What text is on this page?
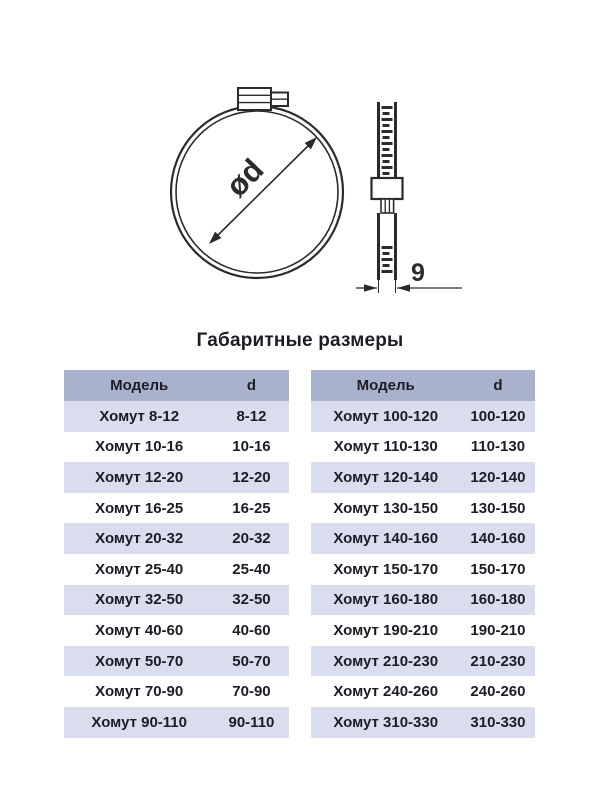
ød
9
Габаритные размеры
Модель	d
Хомут 8-12	8-12
Хомут 10-16	10-16
Хомут 12-20	12-20
Хомут 16-25	16-25
Хомут 20-32	20-32
Хомут 25-40	25-40
Хомут 32-50	32-50
Хомут 40-60	40-60
Хомут 50-70	50-70
Хомут 70-90	70-90
Хомут 90-110	90-110
Модель	d
Хомут 100-120	100-120
Хомут 110-130	110-130
Хомут 120-140	120-140
Хомут 130-150	130-150
Хомут 140-160	140-160
Хомут 150-170	150-170
Хомут 160-180	160-180
Хомут 190-210	190-210
Хомут 210-230	210-230
Хомут 240-260	240-260
Хомут 310-330	310-330
